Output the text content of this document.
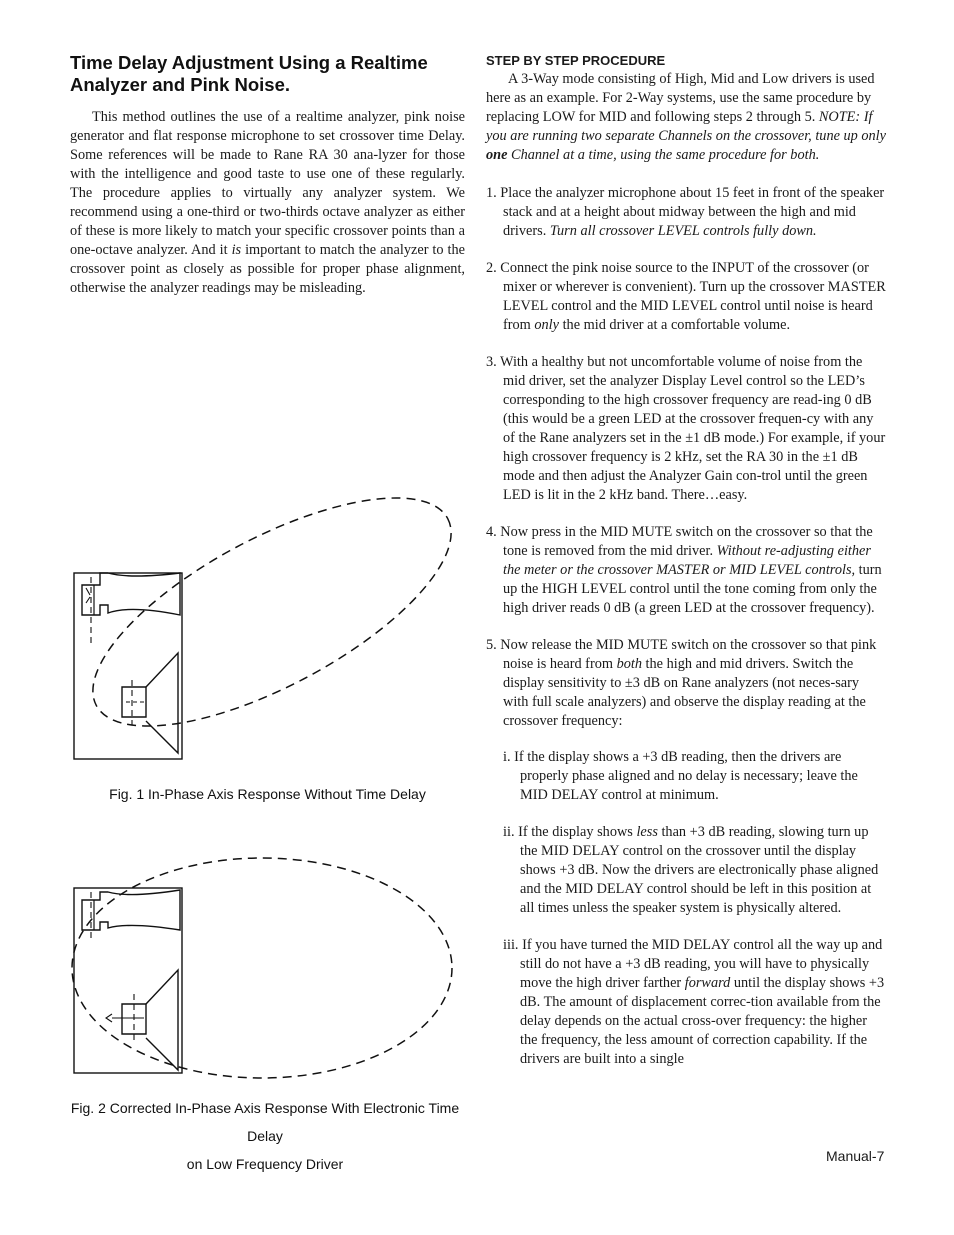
Time Delay Adjustment Using a Realtime Analyzer and Pink Noise.

This method outlines the use of a realtime analyzer, pink noise generator and flat response microphone to set crossover time Delay. Some references will be made to Rane RA 30 ana-lyzer for those with the intelligence and good taste to use one of these regularly. The procedure applies to virtually any analyzer system. We recommend using a one-third or two-thirds octave analyzer as either of these is more likely to match your specific crossover points than a one-octave analyzer. And it is important to match the analyzer to the crossover point as closely as possible for proper phase alignment, otherwise the analyzer readings may be misleading.

Fig. 1 In-Phase Axis Response Without Time Delay
Fig. 2 Corrected In-Phase Axis Response With Electronic Time Delay
on Low Frequency Driver
STEP BY STEP PROCEDURE

A 3-Way mode consisting of High, Mid and Low drivers is used here as an example. For 2-Way systems, use the same procedure by replacing LOW for MID and following steps 2 through 5. NOTE: If you are running two separate Channels on the crossover, tune up only one Channel at a time, using the same procedure for both.

1. Place the analyzer microphone about 15 feet in front of the speaker stack and at a height about midway between the high and mid drivers. Turn all crossover LEVEL controls fully down.

2. Connect the pink noise source to the INPUT of the crossover (or mixer or wherever is convenient). Turn up the crossover MASTER LEVEL control and the MID LEVEL control until noise is heard from only the mid driver at a comfortable volume.

3. With a healthy but not uncomfortable volume of noise from the mid driver, set the analyzer Display Level control so the LED’s corresponding to the high crossover frequency are read-ing 0 dB (this would be a green LED at the crossover frequen-cy with any of the Rane analyzers set in the ±1 dB mode.) For example, if your high crossover frequency is 2 kHz, set the RA 30 in the ±1 dB mode and then adjust the Analyzer Gain con-trol until the green LED is lit in the 2 kHz band. There…easy.

4. Now press in the MID MUTE switch on the crossover so that the tone is removed from the mid driver. Without re-adjusting either the meter or the crossover MASTER or MID LEVEL controls, turn up the HIGH LEVEL control until the tone coming from only the high driver reads 0 dB (a green LED at the crossover frequency).

5. Now release the MID MUTE switch on the crossover so that pink noise is heard from both the high and mid drivers. Switch the display sensitivity to ±3 dB on Rane analyzers (not neces-sary with full scale analyzers) and observe the display reading at the crossover frequency:

i. If the display shows a +3 dB reading, then the drivers are properly phase aligned and no delay is necessary; leave the MID DELAY control at minimum.

ii. If the display shows less than +3 dB reading, slowing turn up the MID DELAY control on the crossover until the display shows +3 dB. Now the drivers are electronically phase aligned and the MID DELAY control should be left in this position at all times unless the speaker system is physically altered.

iii. If you have turned the MID DELAY control all the way up and still do not have a +3 dB reading, you will have to physically move the high driver farther forward until the display shows +3 dB. The amount of displacement correc-tion available from the delay depends on the actual cross-over frequency: the higher the frequency, the less amount of correction capability. If the drivers are built into a single

Manual-7
